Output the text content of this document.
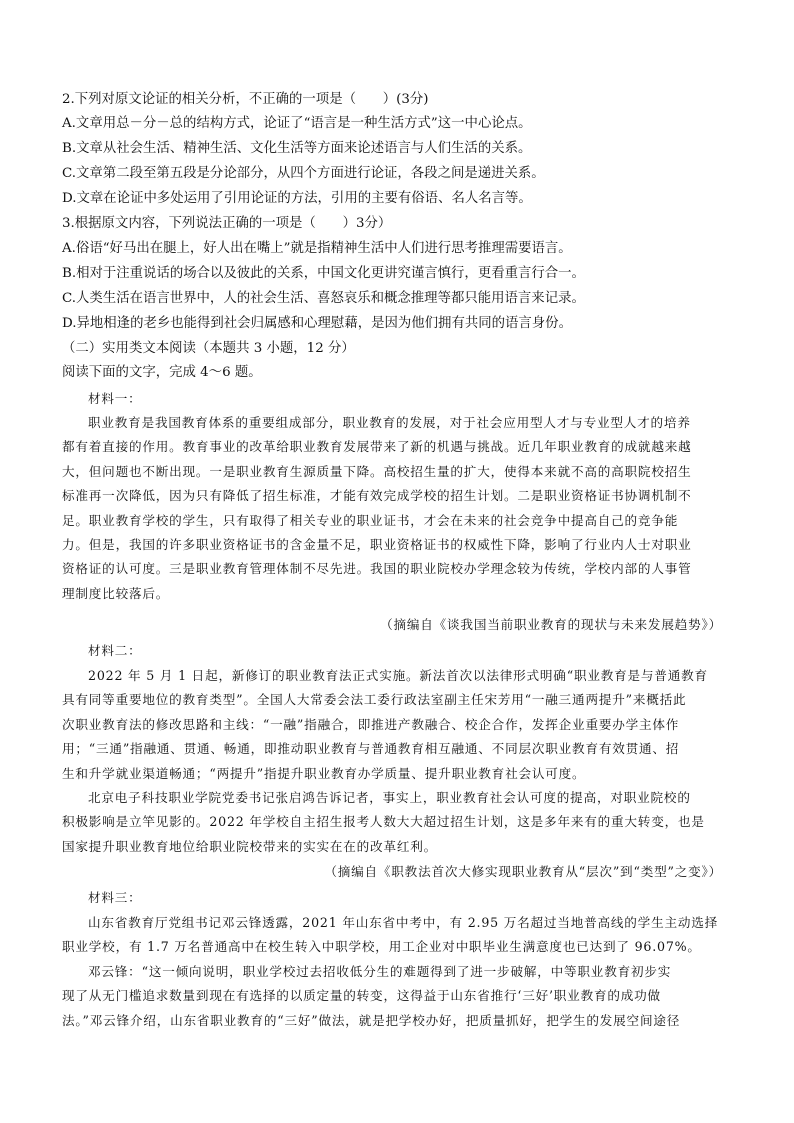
2.下列对原文论证的相关分析，不正确的一项是（　　）(3分)
A.文章用总－分－总的结构方式，论证了“语言是一种生活方式”这一中心论点。
B.文章从社会生活、精神生活、文化生活等方面来论述语言与人们生活的关系。
C.文章第二段至第五段是分论部分，从四个方面进行论证，各段之间是递进关系。
D.文章在论证中多处运用了引用论证的方法，引用的主要有俗语、名人名言等。
3.根据原文内容，下列说法正确的一项是（　　）3分）
A.俗语“好马出在腿上，好人出在嘴上”就是指精神生活中人们进行思考推理需要语言。
B.相对于注重说话的场合以及彼此的关系，中国文化更讲究谨言慎行，更看重言行合一。
C.人类生活在语言世界中，人的社会生活、喜怒哀乐和概念推理等都只能用语言来记录。
D.异地相逢的老乡也能得到社会归属感和心理慰藉，是因为他们拥有共同的语言身份。
（二）实用类文本阅读（本题共 3 小题，12 分）
阅读下面的文字，完成 4～6 题。
材料一：
职业教育是我国教育体系的重要组成部分，职业教育的发展，对于社会应用型人才与专业型人才的培养
都有着直接的作用。教育事业的改革给职业教育发展带来了新的机遇与挑战。近几年职业教育的成就越来越
大，但问题也不断出现。一是职业教育生源质量下降。高校招生量的扩大，使得本来就不高的高职院校招生
标准再一次降低，因为只有降低了招生标准，才能有效完成学校的招生计划。二是职业资格证书协调机制不
足。职业教育学校的学生，只有取得了相关专业的职业证书，才会在未来的社会竞争中提高自己的竞争能
力。但是，我国的许多职业资格证书的含金量不足，职业资格证书的权威性下降，影响了行业内人士对职业
资格证的认可度。三是职业教育管理体制不尽先进。我国的职业院校办学理念较为传统，学校内部的人事管
理制度比较落后。
（摘编自《谈我国当前职业教育的现状与未来发展趋势》）
材料二：
2022 年 5 月 1 日起，新修订的职业教育法正式实施。新法首次以法律形式明确“职业教育是与普通教育
具有同等重要地位的教育类型”。全国人大常委会法工委行政法室副主任宋芳用“一融三通两提升”来概括此
次职业教育法的修改思路和主线：“一融”指融合，即推进产教融合、校企合作，发挥企业重要办学主体作
用；“三通”指融通、贯通、畅通，即推动职业教育与普通教育相互融通、不同层次职业教育有效贯通、招
生和升学就业渠道畅通；“两提升”指提升职业教育办学质量、提升职业教育社会认可度。
北京电子科技职业学院党委书记张启鸿告诉记者，事实上，职业教育社会认可度的提高，对职业院校的
积极影响是立竿见影的。2022 年学校自主招生报考人数大大超过招生计划，这是多年来有的重大转变，也是
国家提升职业教育地位给职业院校带来的实实在在的改革红利。
（摘编自《职教法首次大修实现职业教育从“层次”到“类型”之变》）
材料三：
山东省教育厅党组书记邓云锋透露，2021 年山东省中考中，有 2.95 万名超过当地普高线的学生主动选择
职业学校，有 1.7 万名普通高中在校生转入中职学校，用工企业对中职毕业生满意度也已达到了 96.07%。
邓云锋：“这一倾向说明，职业学校过去招收低分生的难题得到了进一步破解，中等职业教育初步实
现了从无门槛追求数量到现在有选择的以质定量的转变，这得益于山东省推行‘三好’职业教育的成功做
法。”邓云锋介绍，山东省职业教育的“三好”做法，就是把学校办好，把质量抓好，把学生的发展空间途径
